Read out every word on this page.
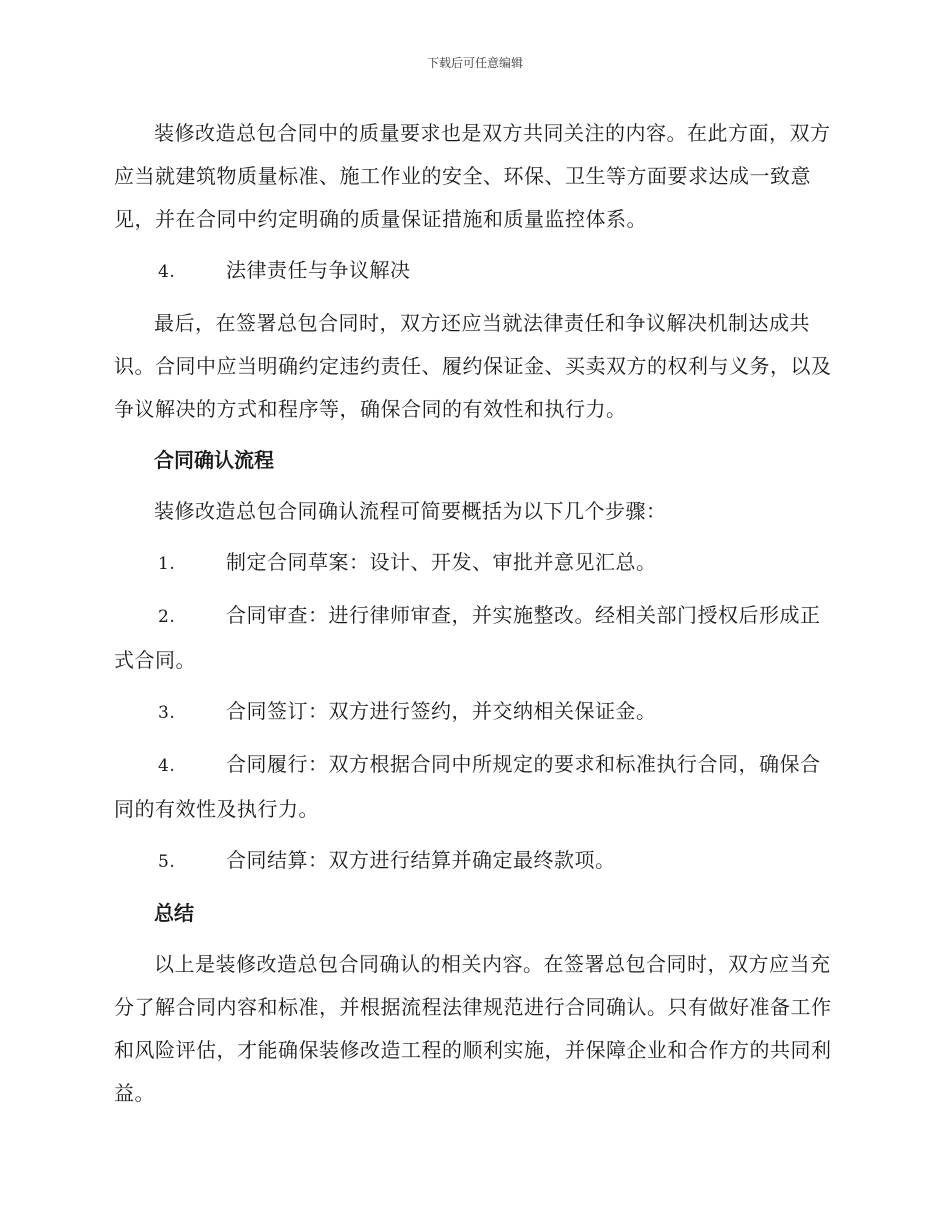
下载后可任意编辑

装修改造总包合同中的质量要求也是双方共同关注的内容。在此方面，双方应当就建筑物质量标准、施工作业的安全、环保、卫生等方面要求达成一致意见，并在合同中约定明确的质量保证措施和质量监控体系。

4.	法律责任与争议解决

最后，在签署总包合同时，双方还应当就法律责任和争议解决机制达成共识。合同中应当明确约定违约责任、履约保证金、买卖双方的权利与义务，以及争议解决的方式和程序等，确保合同的有效性和执行力。

合同确认流程

装修改造总包合同确认流程可简要概括为以下几个步骤：

1.	制定合同草案：设计、开发、审批并意见汇总。

2.	合同审查：进行律师审查，并实施整改。经相关部门授权后形成正式合同。

3.	合同签订：双方进行签约，并交纳相关保证金。

4.	合同履行：双方根据合同中所规定的要求和标准执行合同，确保合同的有效性及执行力。

5.	合同结算：双方进行结算并确定最终款项。

总结

以上是装修改造总包合同确认的相关内容。在签署总包合同时，双方应当充分了解合同内容和标准，并根据流程法律规范进行合同确认。只有做好准备工作和风险评估，才能确保装修改造工程的顺利实施，并保障企业和合作方的共同利益。
